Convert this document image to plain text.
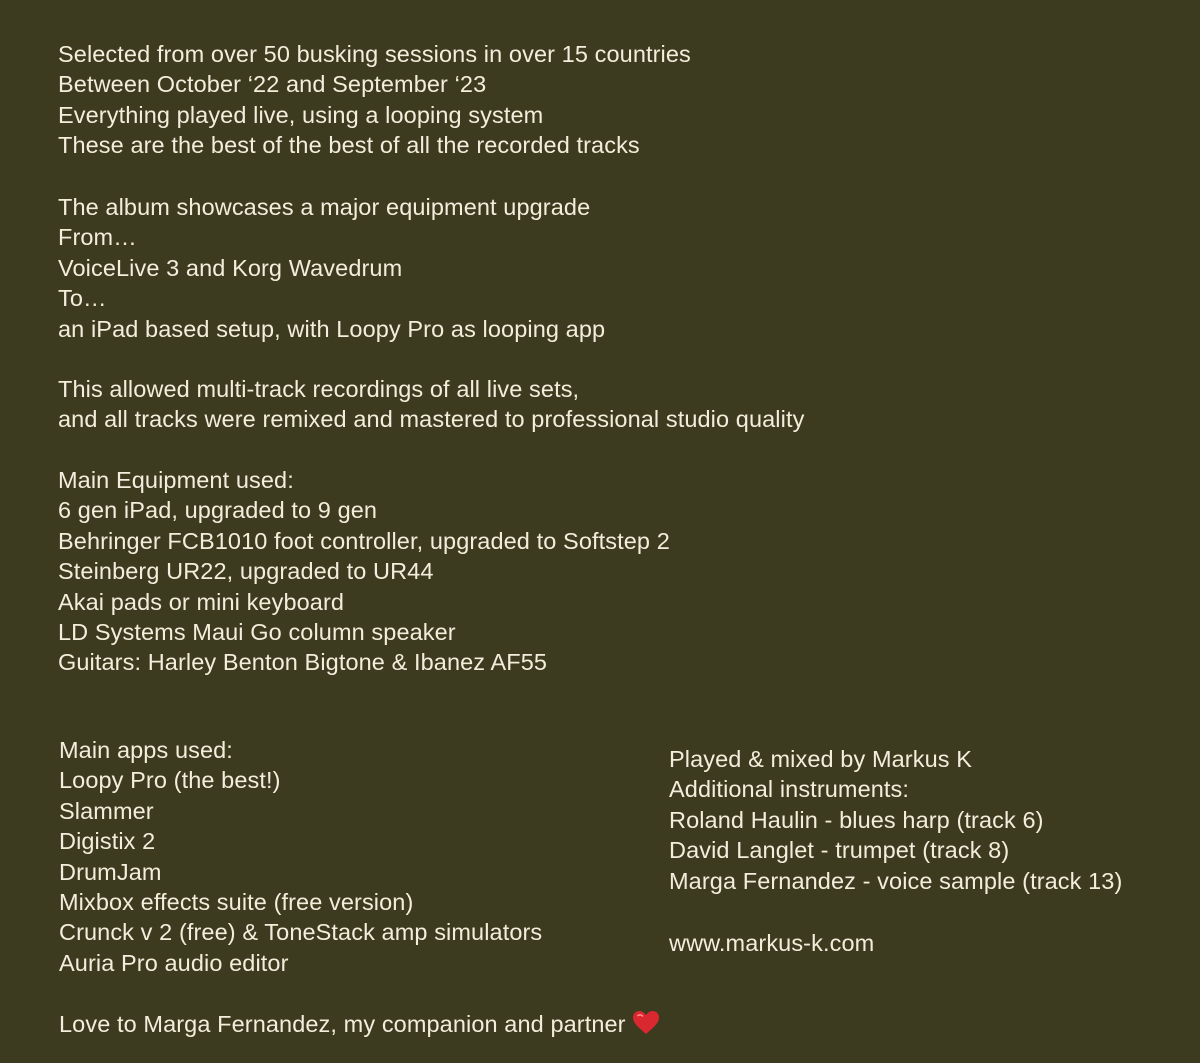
Selected from over 50 busking sessions in over 15 countries
Between October ‘22 and September ‘23
Everything played live, using a looping system
These are the best of the best of all the recorded tracks
The album showcases a major equipment upgrade
From…
VoiceLive 3 and Korg Wavedrum
To…
an iPad based setup, with Loopy Pro as looping app
This allowed multi-track recordings of all live sets,
and all tracks were remixed and mastered to professional studio quality
Main Equipment used:
6 gen iPad, upgraded to 9 gen
Behringer FCB1010 foot controller, upgraded to Softstep 2
Steinberg UR22, upgraded to UR44
Akai pads or mini keyboard
LD Systems Maui Go column speaker
Guitars: Harley Benton Bigtone & Ibanez AF55
Main apps used:
Loopy Pro (the best!)
Slammer
Digistix 2
DrumJam
Mixbox effects suite (free version)
Crunck v 2 (free) & ToneStack amp simulators
Auria Pro audio editor
Played & mixed by Markus K
Additional instruments:
Roland Haulin - blues harp (track 6)
David Langlet - trumpet (track 8)
Marga Fernandez - voice sample (track 13)
www.markus-k.com
Love to Marga Fernandez, my companion and partner
